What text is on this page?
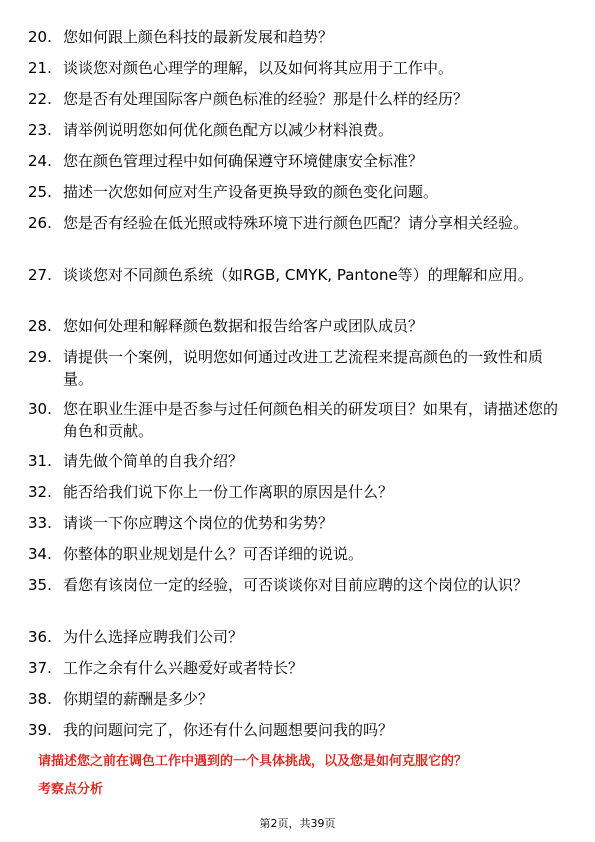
20. 您如何跟上颜色科技的最新发展和趋势？
21. 谈谈您对颜色心理学的理解，以及如何将其应用于工作中。
22. 您是否有处理国际客户颜色标准的经验？那是什么样的经历？
23. 请举例说明您如何优化颜色配方以减少材料浪费。
24. 您在颜色管理过程中如何确保遵守环境健康安全标准？
25. 描述一次您如何应对生产设备更换导致的颜色变化问题。
26. 您是否有经验在低光照或特殊环境下进行颜色匹配？请分享相关经验。
27. 谈谈您对不同颜色系统（如RGB, CMYK, Pantone等）的理解和应用。
28. 您如何处理和解释颜色数据和报告给客户或团队成员？
29. 请提供一个案例，说明您如何通过改进工艺流程来提高颜色的一致性和质量。
30. 您在职业生涯中是否参与过任何颜色相关的研发项目？如果有，请描述您的角色和贡献。
31. 请先做个简单的自我介绍？
32. 能否给我们说下你上一份工作离职的原因是什么？
33. 请谈一下你应聘这个岗位的优势和劣势？
34. 你整体的职业规划是什么？可否详细的说说。
35. 看您有该岗位一定的经验，可否谈谈你对目前应聘的这个岗位的认识？
36. 为什么选择应聘我们公司？
37. 工作之余有什么兴趣爱好或者特长？
38. 你期望的薪酬是多少？
39. 我的问题问完了，你还有什么问题想要问我的吗？
请描述您之前在调色工作中遇到的一个具体挑战，以及您是如何克服它的？
考察点分析
第2页，共39页
